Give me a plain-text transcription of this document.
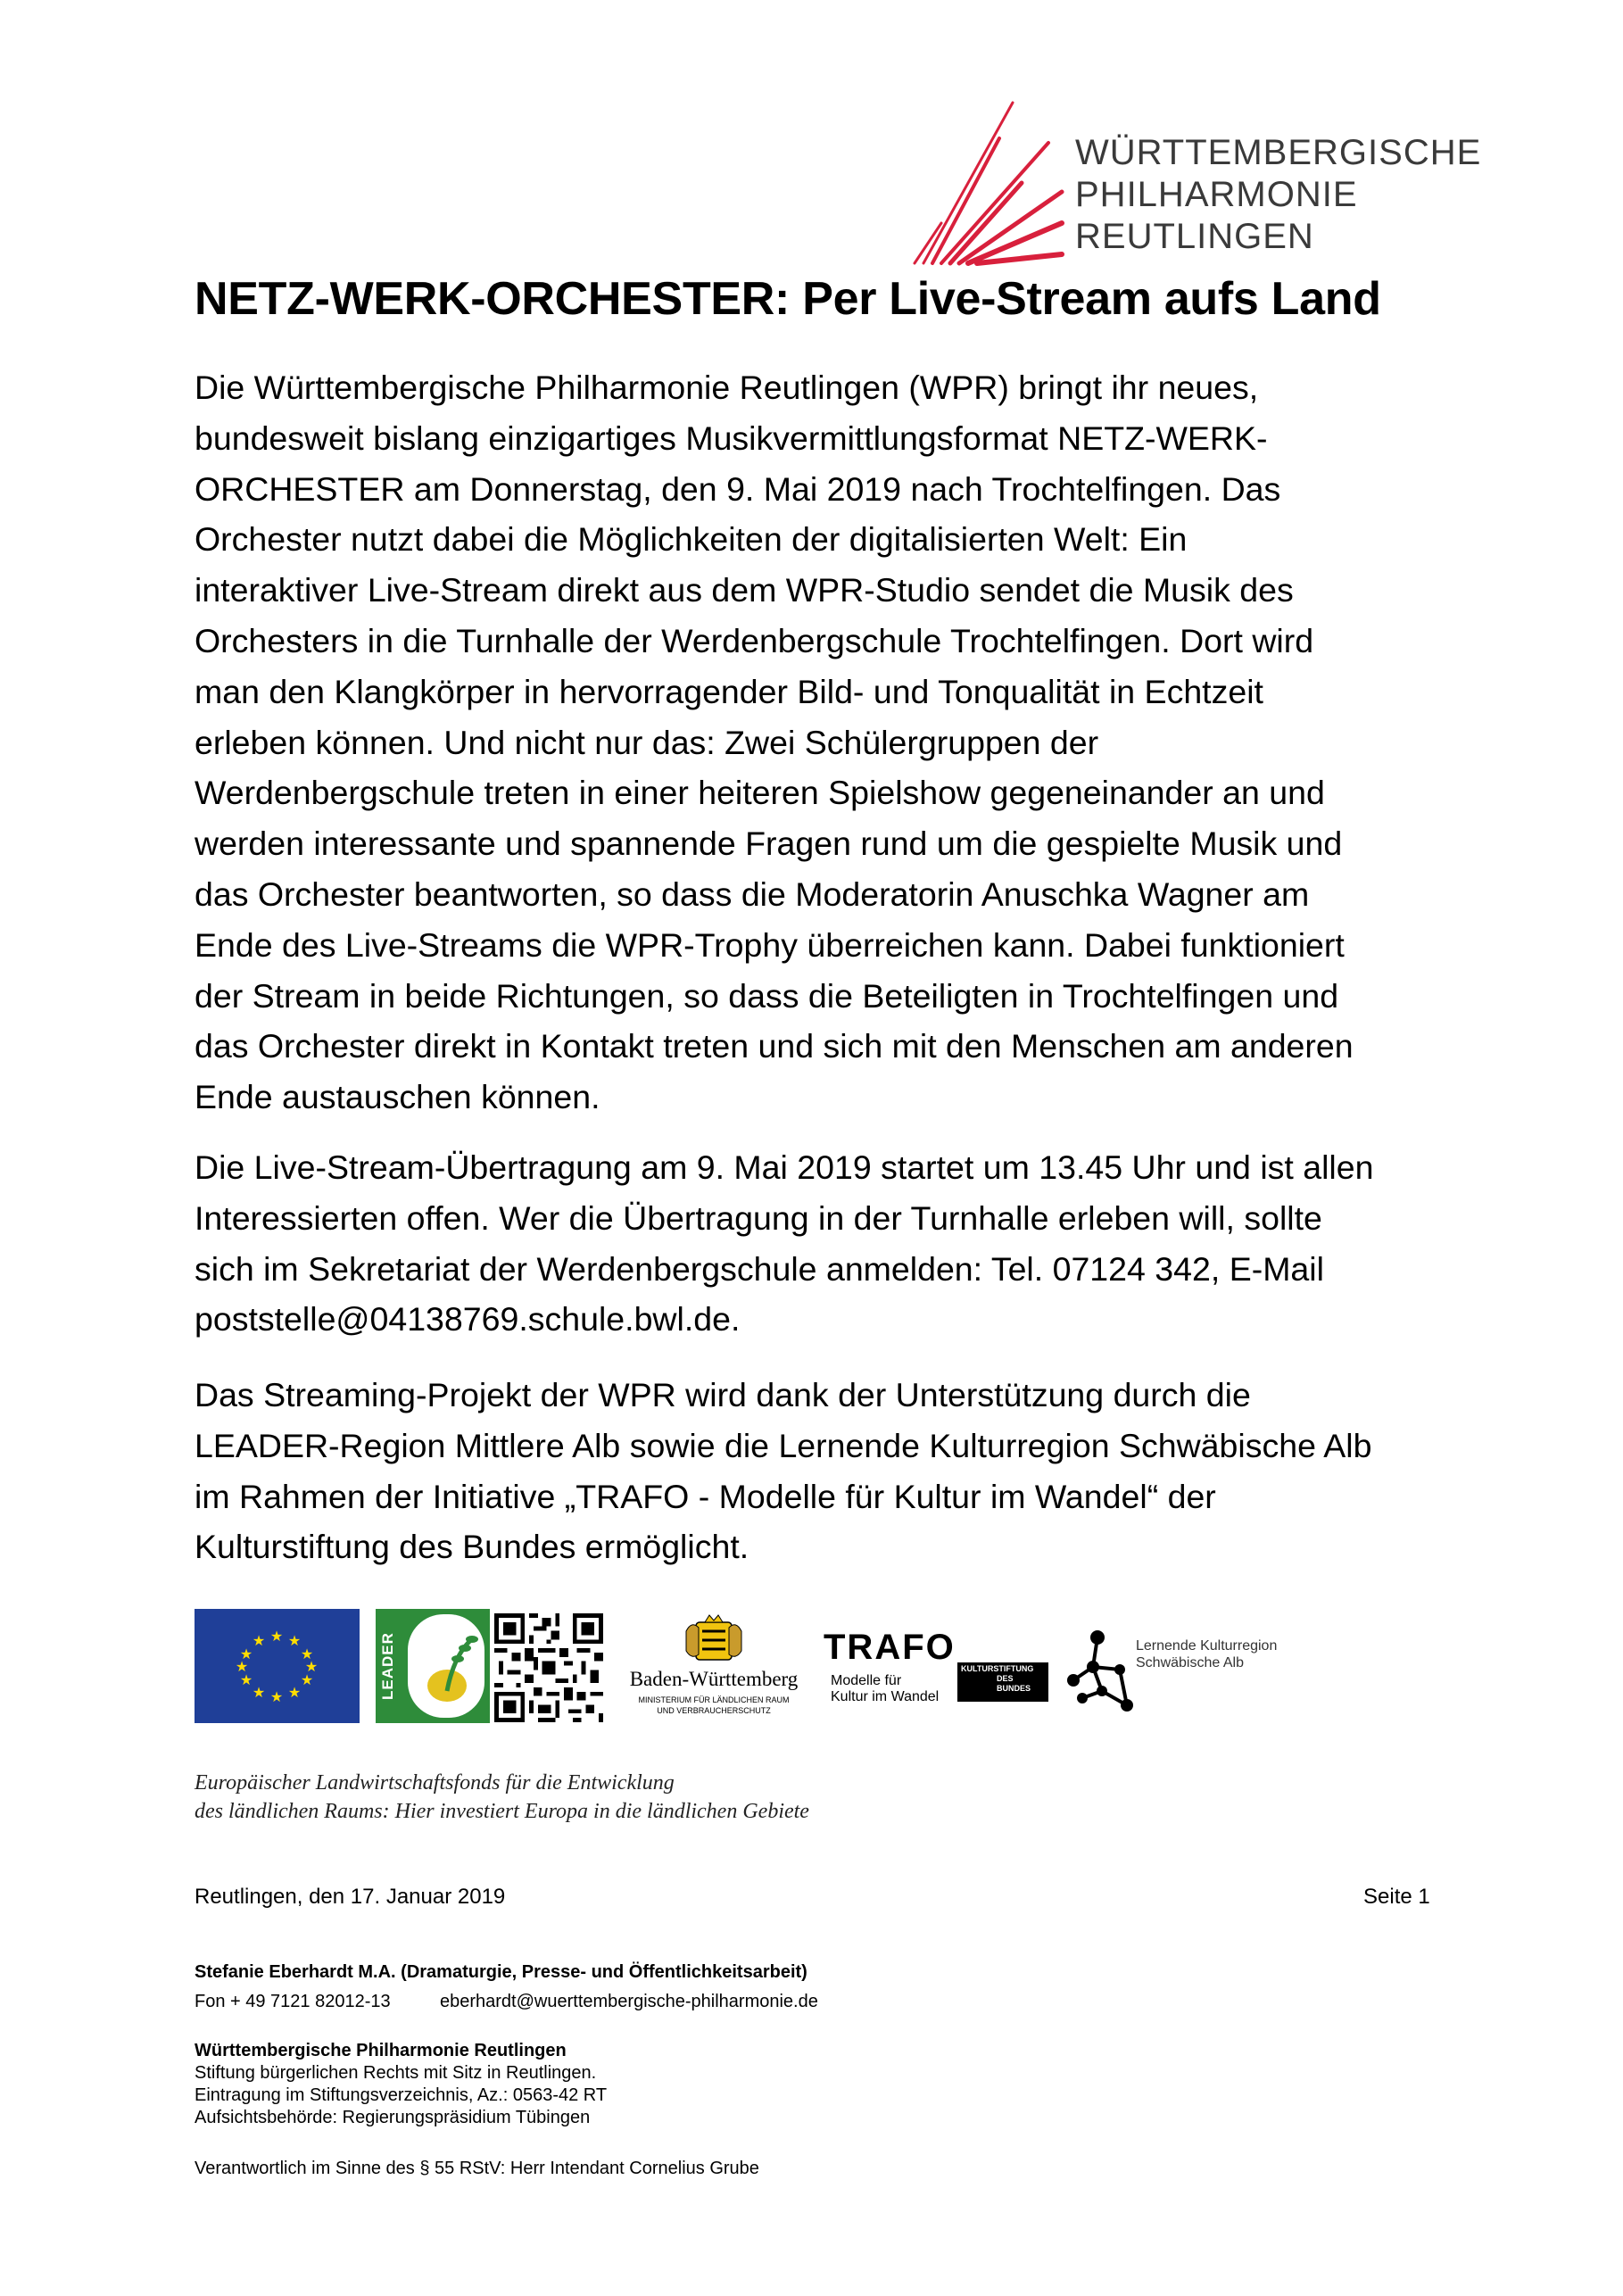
WÜRTTEMBERGISCHE
PHILHARMONIE
REUTLINGEN
NETZ-WERK-ORCHESTER: Per Live-Stream aufs Land
Die Württembergische Philharmonie Reutlingen (WPR) bringt ihr neues,
bundesweit bislang einzigartiges Musikvermittlungsformat NETZ-WERK-
ORCHESTER am Donnerstag, den 9. Mai 2019 nach Trochtelfingen. Das
Orchester nutzt dabei die Möglichkeiten der digitalisierten Welt: Ein
interaktiver Live-Stream direkt aus dem WPR-Studio sendet die Musik des
Orchesters in die Turnhalle der Werdenbergschule Trochtelfingen. Dort wird
man den Klangkörper in hervorragender Bild- und Tonqualität in Echtzeit
erleben können. Und nicht nur das: Zwei Schülergruppen der
Werdenbergschule treten in einer heiteren Spielshow gegeneinander an und
werden interessante und spannende Fragen rund um die gespielte Musik und
das Orchester beantworten, so dass die Moderatorin Anuschka Wagner am
Ende des Live-Streams die WPR-Trophy überreichen kann. Dabei funktioniert
der Stream in beide Richtungen, so dass die Beteiligten in Trochtelfingen und
das Orchester direkt in Kontakt treten und sich mit den Menschen am anderen
Ende austauschen können.
Die Live-Stream-Übertragung am 9. Mai 2019 startet um 13.45 Uhr und ist allen
Interessierten offen. Wer die Übertragung in der Turnhalle erleben will, sollte
sich im Sekretariat der Werdenbergschule anmelden: Tel. 07124 342, E-Mail
poststelle@04138769.schule.bwl.de.
Das Streaming-Projekt der WPR wird dank der Unterstützung durch die
LEADER-Region Mittlere Alb sowie die Lernende Kulturregion Schwäbische Alb
im Rahmen der Initiative „TRAFO - Modelle für Kultur im Wandel“ der
Kulturstiftung des Bundes ermöglicht.
★ ★
★
★
★
★
★
★
★
★
★
★	LEADER	Baden-Württemberg
MINISTERIUM FÜR LÄNDLICHEN RAUM
UND VERBRAUCHERSCHUTZ
TRAFO
Modelle für
Kultur im Wandel
KULTURSTIFTUNG
DES
BUNDES
Lernende Kulturregion
Schwäbische Alb
Europäischer Landwirtschaftsfonds für die Entwicklung
des ländlichen Raums: Hier investiert Europa in die ländlichen Gebiete
Reutlingen, den 17. Januar 2019	Seite 1
Stefanie Eberhardt M.A. (Dramaturgie, Presse- und Öffentlichkeitsarbeit)
Fon + 49 7121 82012-13	eberhardt@wuerttembergische-philharmonie.de
Württembergische Philharmonie Reutlingen
Stiftung bürgerlichen Rechts mit Sitz in Reutlingen.
Eintragung im Stiftungsverzeichnis, Az.: 0563-42 RT
Aufsichtsbehörde: Regierungspräsidium Tübingen
Verantwortlich im Sinne des § 55 RStV: Herr Intendant Cornelius Grube
